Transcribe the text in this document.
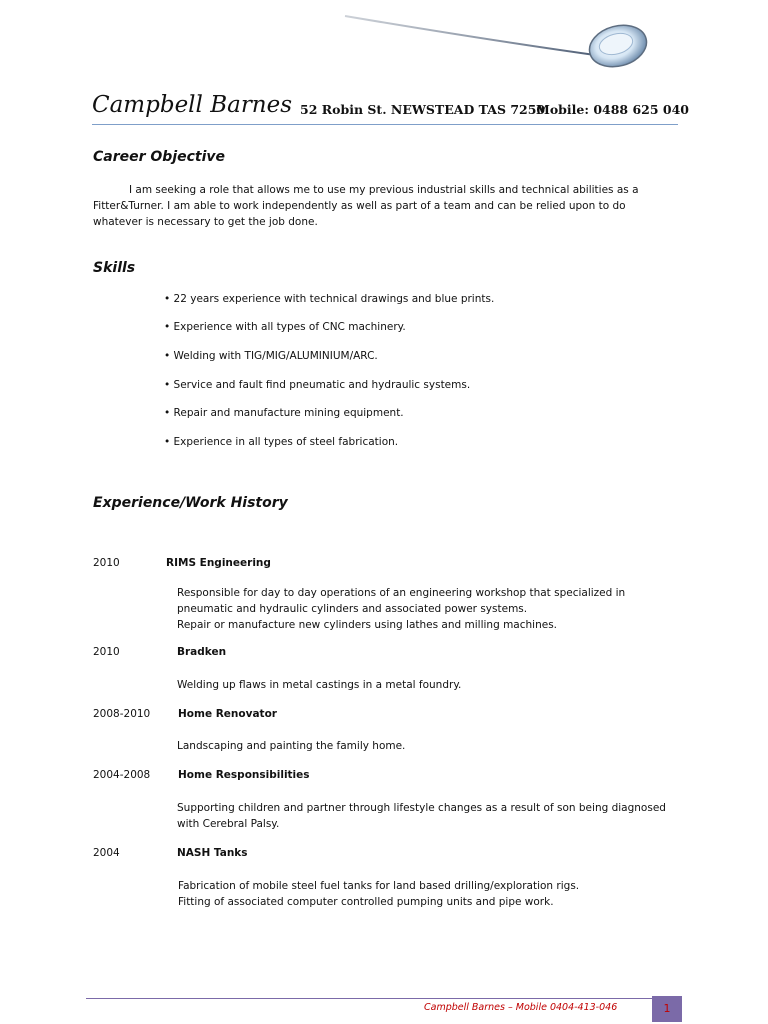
Campbell Barnes 52 Robin St. NEWSTEAD TAS 7250
Mobile: 0488 625 040
Career Objective
I am seeking a role that allows me to use my previous industrial skills and technical abilities as a
Fitter&Turner. I am able to work independently as well as part of a team and can be relied upon to do
whatever is necessary to get the job done.
Skills
• 22 years experience with technical drawings and blue prints.
• Experience with all types of CNC machinery.
• Welding with TIG/MIG/ALUMINIUM/ARC.
• Service and fault find pneumatic and hydraulic systems.
• Repair and manufacture mining equipment.
• Experience in all types of steel fabrication.
Experience/Work History
2010	RIMS Engineering
Responsible for day to day operations of an engineering workshop that specialized in
pneumatic and hydraulic cylinders and associated power systems.
Repair or manufacture new cylinders using lathes and milling machines.
2010	Bradken
Welding up flaws in metal castings in a metal foundry.
2008-2010	Home Renovator
Landscaping and painting the family home.
2004-2008	Home Responsibilities
Supporting children and partner through lifestyle changes as a result of son being diagnosed
with Cerebral Palsy.
2004	NASH Tanks
Fabrication of mobile steel fuel tanks for land based drilling/exploration rigs.
Fitting of associated computer controlled pumping units and pipe work.
Campbell Barnes – Mobile 0404-413-046	1
